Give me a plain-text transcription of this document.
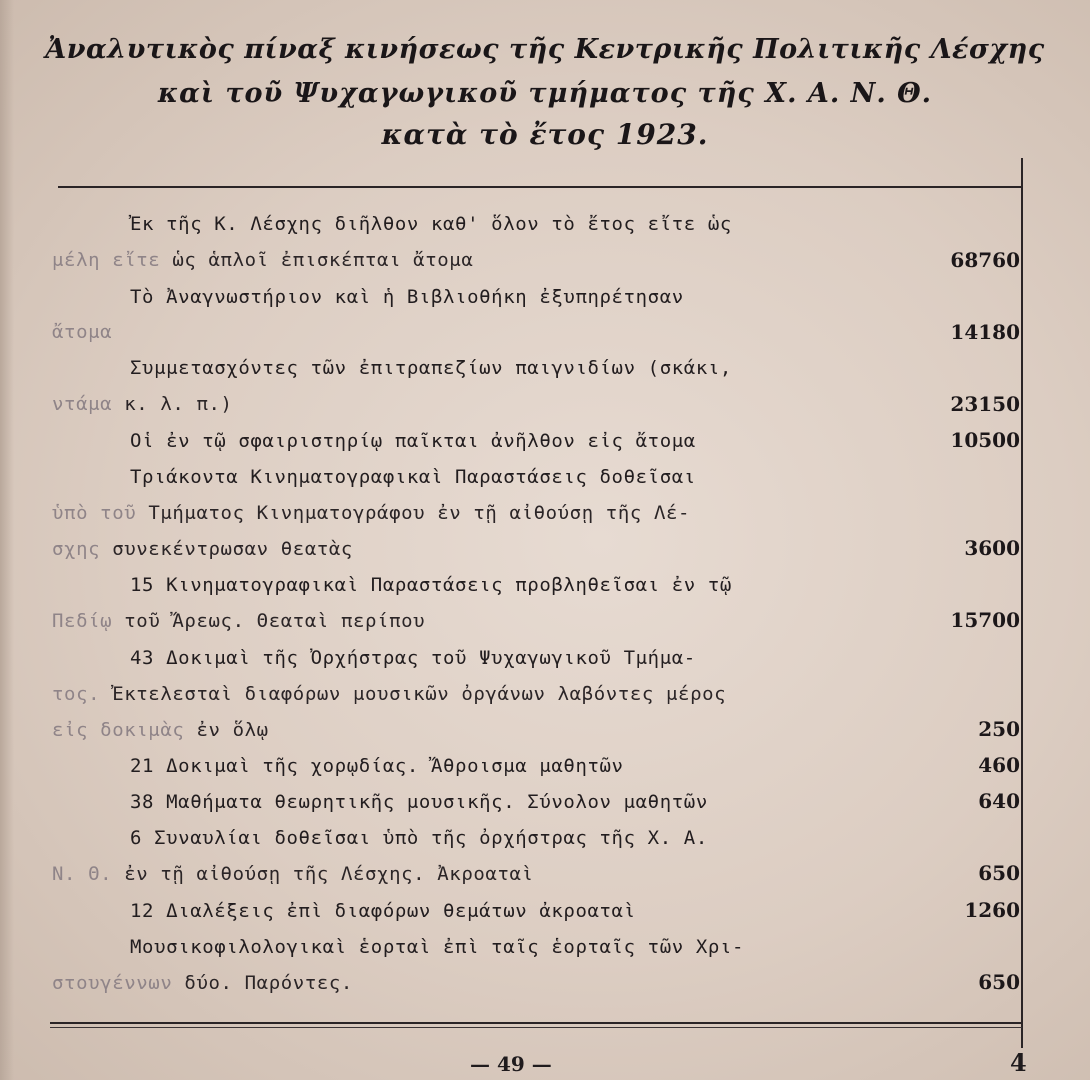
Ἀναλυτικὸς πίναξ κινήσεως τῆς Κεντρικῆς Πολιτικῆς Λέσχης
καὶ τοῦ Ψυχαγωγικοῦ τμήματος τῆς Χ. Α. Ν. Θ.
κατὰ τὸ ἔτος 1923.
Ἐκ τῆς Κ. Λέσχης διῆλθον καθ' ὅλον τὸ ἔτος εἴτε ὡς
μέλη εἴτε ὡς ἁπλοῖ ἐπισκέπται ἄτομα	68760
Τὸ Ἀναγνωστήριον καὶ ἡ Βιβλιοθήκη ἐξυπηρέτησαν
ἄτομα	14180
Συμμετασχόντες τῶν ἐπιτραπεζίων παιγνιδίων (σκάκι,
ντάμα κ. λ. π.)	23150
Οἱ ἐν τῷ σφαιριστηρίῳ παῖκται ἀνῆλθον εἰς ἄτομα	10500
Τριάκοντα Κινηματογραφικαὶ Παραστάσεις δοθεῖσαι
ὑπὸ τοῦ Τμήματος Κινηματογράφου ἐν τῇ αἰθούσῃ τῆς Λέ-
σχης συνεκέντρωσαν θεατὰς	3600
15 Κινηματογραφικαὶ Παραστάσεις προβληθεῖσαι ἐν τῷ
Πεδίῳ τοῦ Ἄρεως. Θεαταὶ περίπου	15700
43 Δοκιμαὶ τῆς Ὀρχήστρας τοῦ Ψυχαγωγικοῦ Τμήμα-
τος. Ἐκτελεσταὶ διαφόρων μουσικῶν ὀργάνων λαβόντες μέρος
εἰς δοκιμὰς ἐν ὅλῳ	250
21 Δοκιμαὶ τῆς χορῳδίας. Ἄθροισμα μαθητῶν	460
38 Μαθήματα θεωρητικῆς μουσικῆς. Σύνολον μαθητῶν	640
6 Συναυλίαι δοθεῖσαι ὑπὸ τῆς ὀρχήστρας τῆς Χ. Α.
Ν. Θ. ἐν τῇ αἰθούσῃ τῆς Λέσχης. Ἀκροαταὶ	650
12 Διαλέξεις ἐπὶ διαφόρων θεμάτων ἀκροαταὶ	1260
Μουσικοφιλολογικαὶ ἑορταὶ ἐπὶ ταῖς ἑορταῖς τῶν Χρι-
στουγέννων δύο. Παρόντες.	650
— 49 —	4
